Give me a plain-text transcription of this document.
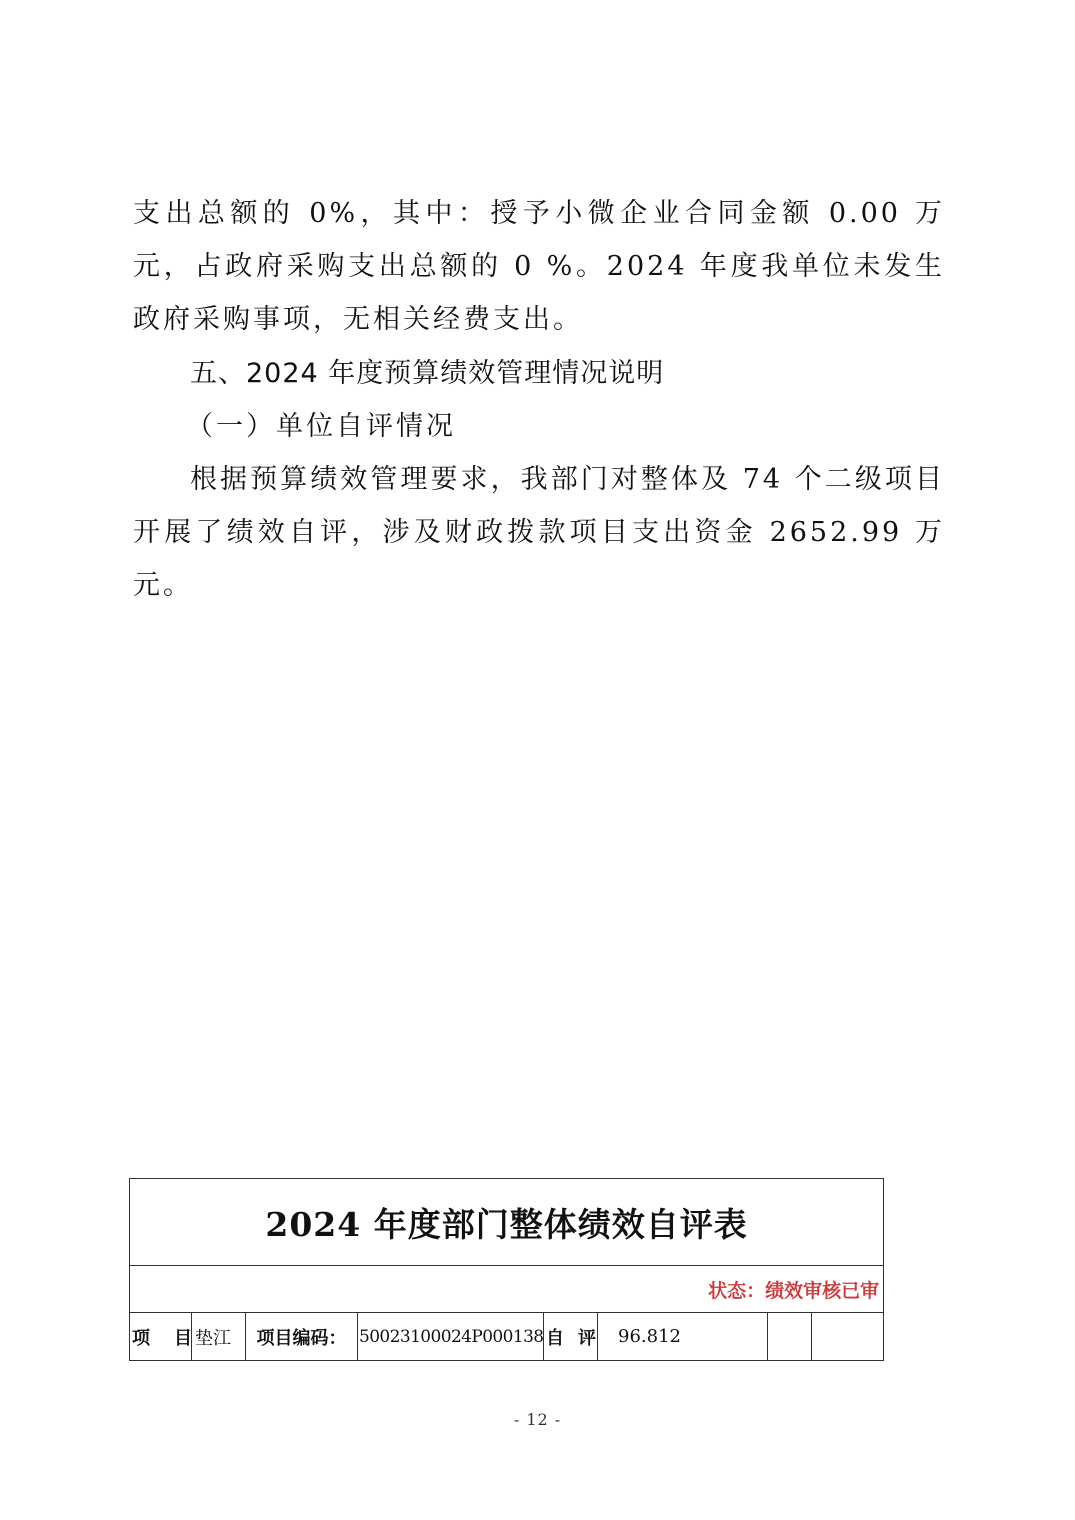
支出总额的 0%，其中：授予小微企业合同金额 0.00 万元，占政府采购支出总额的 0 %。2024 年度我单位未发生政府采购事项，无相关经费支出。

五、2024 年度预算绩效管理情况说明
（一）单位自评情况

根据预算绩效管理要求，我部门对整体及 74 个二级项目开展了绩效自评，涉及财政拨款项目支出资金 2652.99 万元。

2024 年度部门整体绩效自评表
状态：绩效审核已审
项 目	垫江	项目编码：	50023100024P000138	自 评	96.812		
- 12 -
